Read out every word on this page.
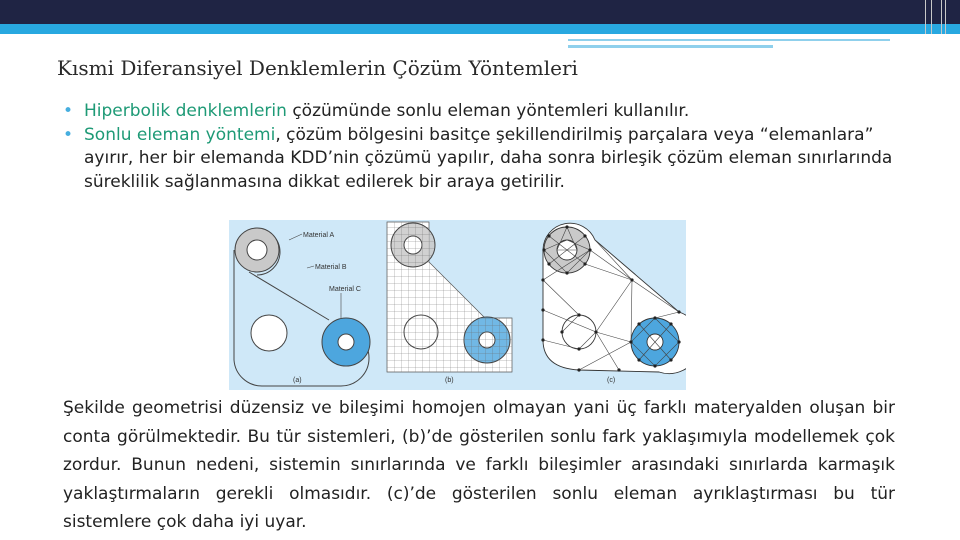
Kısmi Diferansiyel Denklemlerin Çözüm Yöntemleri
• Hiperbolik denklemlerin çözümünde sonlu eleman yöntemleri kullanılır.
• Sonlu eleman yöntemi, çözüm bölgesini basitçe şekillendirilmiş parçalara veya “elemanlara” ayırır, her bir elemanda KDD’nin çözümü yapılır, daha sonra birleşik çözüm eleman sınırlarında süreklilik sağlanmasına dikkat edilerek bir araya getirilir.
Material A
Material B
Material C
(a)	(b)	(c)

Şekilde geometrisi düzensiz ve bileşimi homojen olmayan yani üç farklı materyalden oluşan bir conta görülmektedir. Bu tür sistemleri, (b)’de gösterilen sonlu fark yaklaşımıyla modellemek çok zordur. Bunun nedeni, sistemin sınırlarında ve farklı bileşimler arasındaki sınırlarda karmaşık yaklaştırmaların gerekli olmasıdır. (c)’de gösterilen sonlu eleman ayrıklaştırması bu tür sistemlere çok daha iyi uyar.
